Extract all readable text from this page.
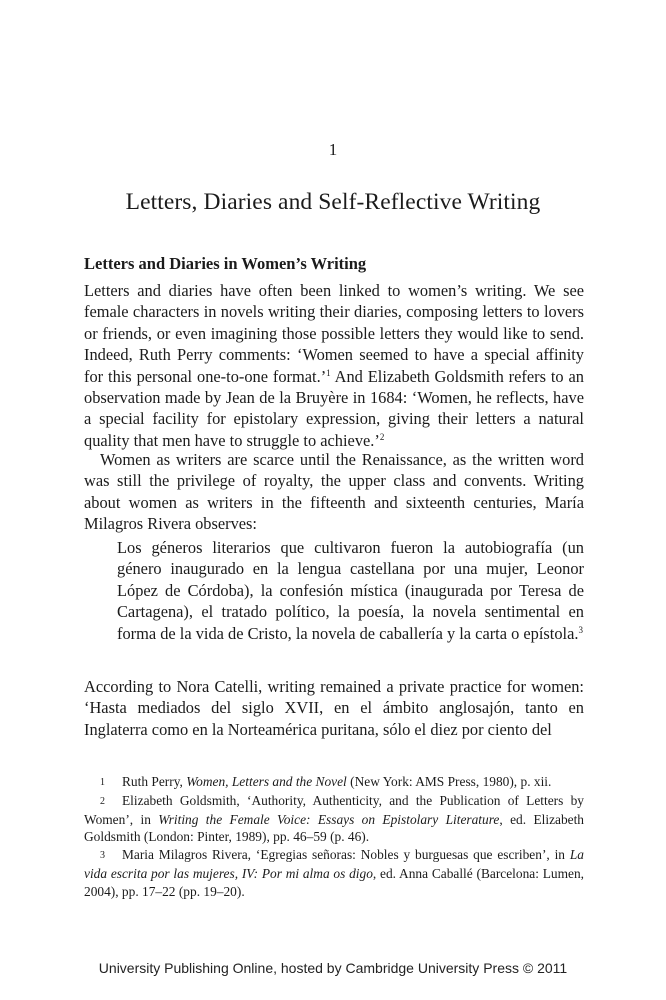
1
Letters, Diaries and Self-Reflective Writing
Letters and Diaries in Women’s Writing

Letters and diaries have often been linked to women’s writing. We see female characters in novels writing their diaries, composing letters to lovers or friends, or even imagining those possible letters they would like to send. Indeed, Ruth Perry comments: ‘Women seemed to have a special affinity for this personal one-to-one format.’$^1$ And Elizabeth Goldsmith refers to an observation made by Jean de la Bruyère in 1684: ‘Women, he reflects, have a special facility for epistolary expression, giving their letters a natural quality that men have to struggle to achieve.’$^2$

Women as writers are scarce until the Renaissance, as the written word was still the privilege of royalty, the upper class and convents. Writing about women as writers in the fifteenth and sixteenth centuries, María Milagros Rivera observes:

Los géneros literarios que cultivaron fueron la autobiografía (un género inaugurado en la lengua castellana por una mujer, Leonor López de Córdoba), la confesión mística (inaugurada por Teresa de Cartagena), el tratado político, la poesía, la novela sentimental en forma de la vida de Cristo, la novela de caballería y la carta o epístola.$^3$

According to Nora Catelli, writing remained a private practice for women: ‘Hasta mediados del siglo XVII, en el ámbito anglosajón, tanto en Inglaterra como en la Norteamérica puritana, sólo el diez por ciento del

1 Ruth Perry, Women, Letters and the Novel (New York: AMS Press, 1980), p. xii.

2 Elizabeth Goldsmith, ‘Authority, Authenticity, and the Publication of Letters by Women’, in Writing the Female Voice: Essays on Epistolary Literature, ed. Elizabeth Goldsmith (London: Pinter, 1989), pp. 46–59 (p. 46).

3 Maria Milagros Rivera, ‘Egregias señoras: Nobles y burguesas que escriben’, in La vida escrita por las mujeres, IV: Por mi alma os digo, ed. Anna Caballé (Barcelona: Lumen, 2004), pp. 17–22 (pp. 19–20).

University Publishing Online, hosted by Cambridge University Press © 2011
